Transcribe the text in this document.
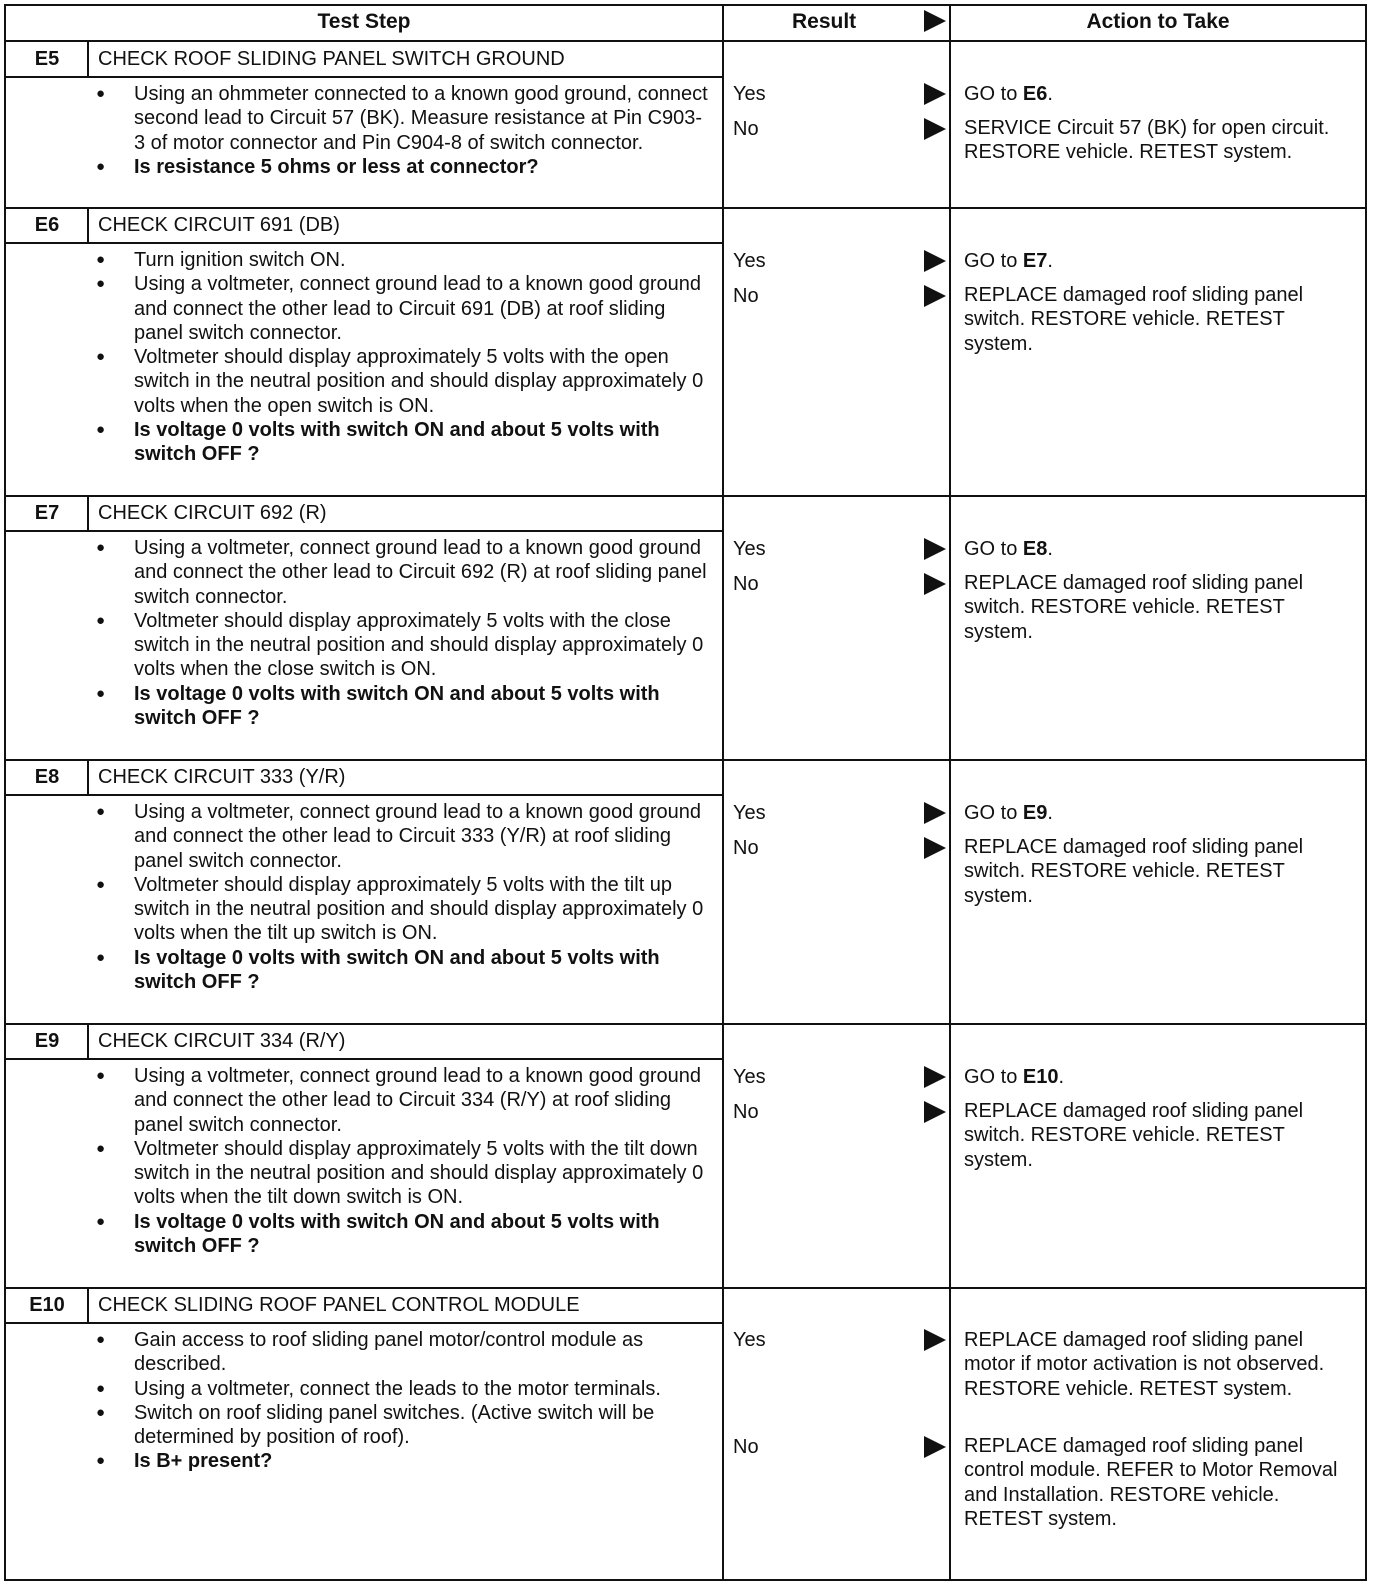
Test Step	Result	Action to Take
E5	CHECK ROOF SLIDING PANEL SWITCH GROUND
● Using an ohmmeter connected to a known good ground, connect second lead to Circuit 57 (BK). Measure resistance at Pin C903-3 of motor connector and Pin C904-8 of switch connector.
● Is resistance 5 ohms or less at connector?
Yes	GO to E6.
No	SERVICE Circuit 57 (BK) for open circuit. RESTORE vehicle. RETEST system.
E6	CHECK CIRCUIT 691 (DB)
● Turn ignition switch ON.
● Using a voltmeter, connect ground lead to a known good ground and connect the other lead to Circuit 691 (DB) at roof sliding panel switch connector.
● Voltmeter should display approximately 5 volts with the open switch in the neutral position and should display approximately 0 volts when the open switch is ON.
● Is voltage 0 volts with switch ON and about 5 volts with switch OFF ?
Yes	GO to E7.
No	REPLACE damaged roof sliding panel switch. RESTORE vehicle. RETEST system.
E7	CHECK CIRCUIT 692 (R)
● Using a voltmeter, connect ground lead to a known good ground and connect the other lead to Circuit 692 (R) at roof sliding panel switch connector.
● Voltmeter should display approximately 5 volts with the close switch in the neutral position and should display approximately 0 volts when the close switch is ON.
● Is voltage 0 volts with switch ON and about 5 volts with switch OFF ?
Yes	GO to E8.
No	REPLACE damaged roof sliding panel switch. RESTORE vehicle. RETEST system.
E8	CHECK CIRCUIT 333 (Y/R)
● Using a voltmeter, connect ground lead to a known good ground and connect the other lead to Circuit 333 (Y/R) at roof sliding panel switch connector.
● Voltmeter should display approximately 5 volts with the tilt up switch in the neutral position and should display approximately 0 volts when the tilt up switch is ON.
● Is voltage 0 volts with switch ON and about 5 volts with switch OFF ?
Yes	GO to E9.
No	REPLACE damaged roof sliding panel switch. RESTORE vehicle. RETEST system.
E9	CHECK CIRCUIT 334 (R/Y)
● Using a voltmeter, connect ground lead to a known good ground and connect the other lead to Circuit 334 (R/Y) at roof sliding panel switch connector.
● Voltmeter should display approximately 5 volts with the tilt down switch in the neutral position and should display approximately 0 volts when the tilt down switch is ON.
● Is voltage 0 volts with switch ON and about 5 volts with switch OFF ?
Yes	GO to E10.
No	REPLACE damaged roof sliding panel switch. RESTORE vehicle. RETEST system.
E10	CHECK SLIDING ROOF PANEL CONTROL MODULE
● Gain access to roof sliding panel motor/control module as described.
● Using a voltmeter, connect the leads to the motor terminals.
● Switch on roof sliding panel switches. (Active switch will be determined by position of roof).
● Is B+ present?
Yes	REPLACE damaged roof sliding panel motor if motor activation is not observed. RESTORE vehicle. RETEST system.
No	REPLACE damaged roof sliding panel control module. REFER to Motor Removal and Installation. RESTORE vehicle. RETEST system.
